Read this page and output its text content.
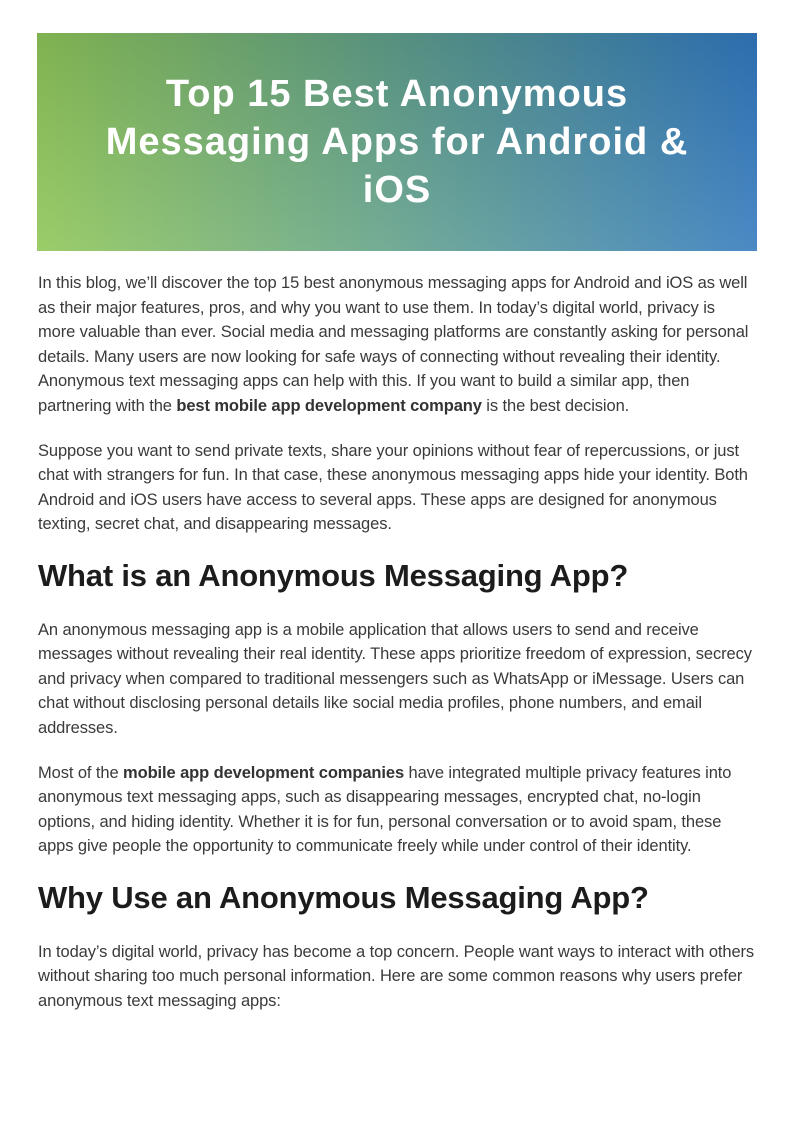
Top 15 Best Anonymous
Messaging Apps for Android &
iOS

In this blog, we’ll discover the top 15 best anonymous messaging apps for Android and iOS as well as their major features, pros, and why you want to use them. In today’s digital world, privacy is more valuable than ever. Social media and messaging platforms are constantly asking for personal details. Many users are now looking for safe ways of connecting without revealing their identity. Anonymous text messaging apps can help with this. If you want to build a similar app, then partnering with the best mobile app development company is the best decision.

Suppose you want to send private texts, share your opinions without fear of repercussions, or just chat with strangers for fun. In that case, these anonymous messaging apps hide your identity. Both Android and iOS users have access to several apps. These apps are designed for anonymous texting, secret chat, and disappearing messages.

What is an Anonymous Messaging App?

An anonymous messaging app is a mobile application that allows users to send and receive messages without revealing their real identity. These apps prioritize freedom of expression, secrecy and privacy when compared to traditional messengers such as WhatsApp or iMessage. Users can chat without disclosing personal details like social media profiles, phone numbers, and email addresses.

Most of the mobile app development companies have integrated multiple privacy features into anonymous text messaging apps, such as disappearing messages, encrypted chat, no-login options, and hiding identity. Whether it is for fun, personal conversation or to avoid spam, these apps give people the opportunity to communicate freely while under control of their identity.

Why Use an Anonymous Messaging App?

In today’s digital world, privacy has become a top concern. People want ways to interact with others without sharing too much personal information. Here are some common reasons why users prefer anonymous text messaging apps:
